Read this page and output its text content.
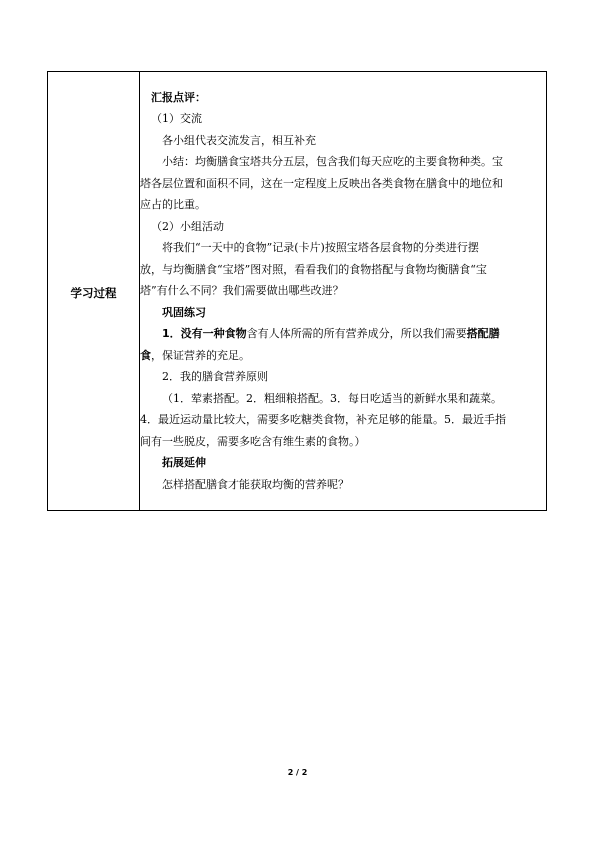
学习过程	
汇报点评：
（1）交流
各小组代表交流发言，相互补充
小结：均衡膳食宝塔共分五层，包含我们每天应吃的主要食物种类。宝
塔各层位置和面积不同，这在一定程度上反映出各类食物在膳食中的地位和
应占的比重。
（2）小组活动
将我们“一天中的食物”记录(卡片)按照宝塔各层食物的分类进行摆
放，与均衡膳食“宝塔”图对照，看看我们的食物搭配与食物均衡膳食“宝
塔”有什么不同？我们需要做出哪些改进？
巩固练习
1．没有一种食物含有人体所需的所有营养成分，所以我们需要搭配膳
食，保证营养的充足。
2．我的膳食营养原则
（1．荤素搭配。2．粗细粮搭配。3．每日吃适当的新鲜水果和蔬菜。
4．最近运动量比较大，需要多吃糖类食物，补充足够的能量。5．最近手指
间有一些脱皮，需要多吃含有维生素的食物。）
拓展延伸
怎样搭配膳食才能获取均衡的营养呢？
2 / 2
